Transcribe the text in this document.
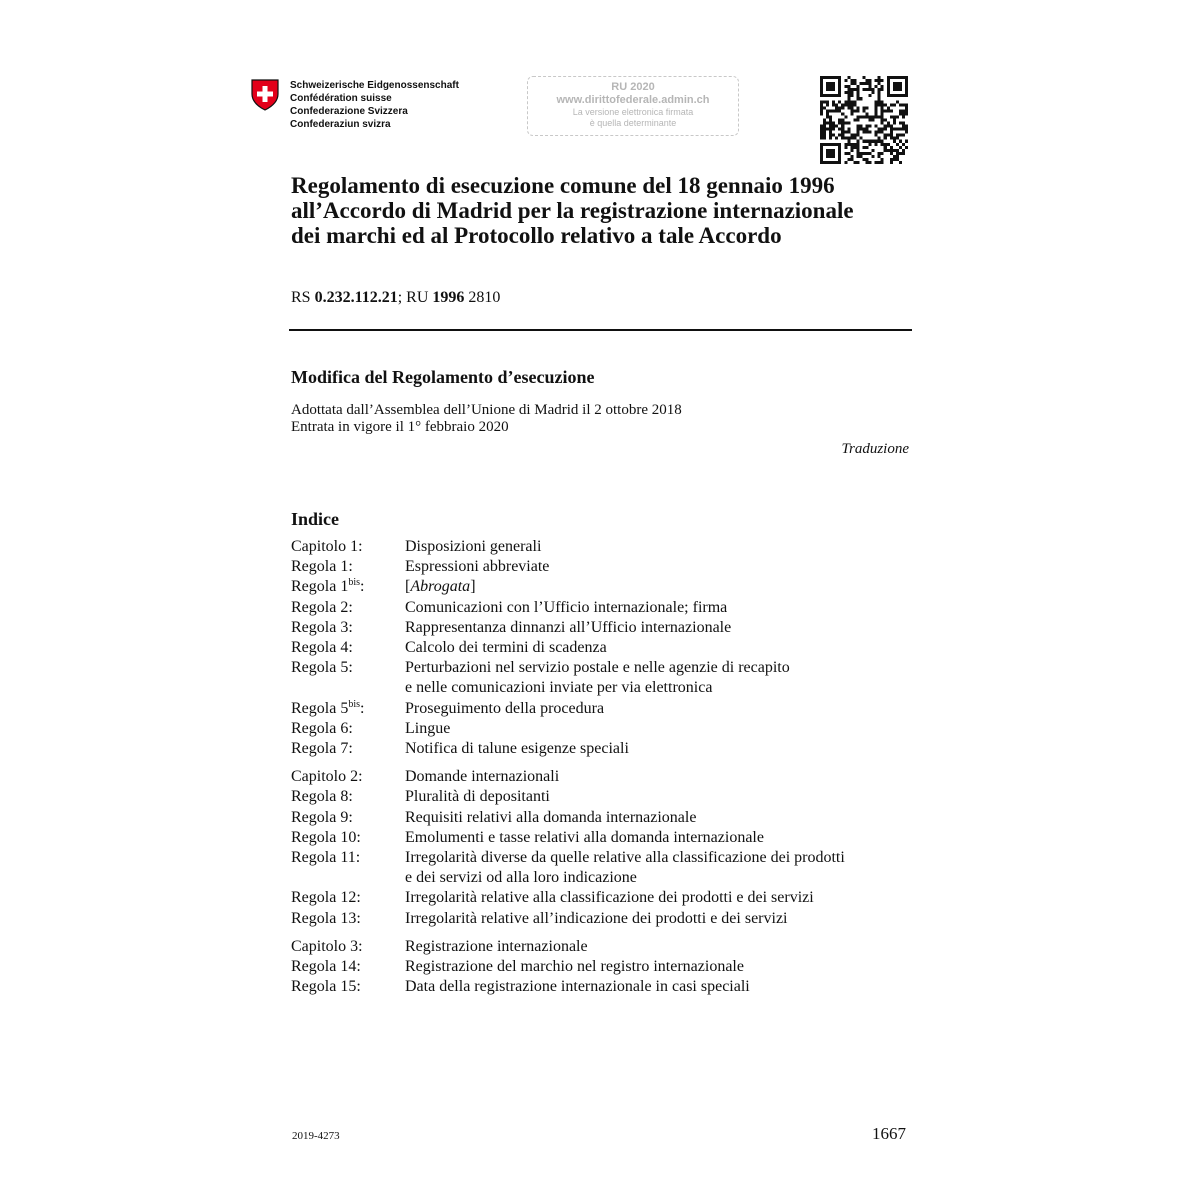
Schweizerische Eidgenossenschaft
Confédération suisse
Confederazione Svizzera
Confederaziun svizra
RU 2020
www.dirittofederale.admin.ch
La versione elettronica firmata
è quella determinante
Regolamento di esecuzione comune del 18 gennaio 1996
all’Accordo di Madrid per la registrazione internazionale
dei marchi ed al Protocollo relativo a tale Accordo
RS 0.232.112.21; RU 1996 2810
Modifica del Regolamento d’esecuzione
Adottata dall’Assemblea dell’Unione di Madrid il 2 ottobre 2018
Entrata in vigore il 1° febbraio 2020
Traduzione
Indice
Capitolo 1:	Disposizioni generali
Regola 1:	Espressioni abbreviate
Regola $1^{bis}$:	[Abrogata]
Regola 2:	Comunicazioni con l’Ufficio internazionale; firma
Regola 3:	Rappresentanza dinnanzi all’Ufficio internazionale
Regola 4:	Calcolo dei termini di scadenza
Regola 5:	Perturbazioni nel servizio postale e nelle agenzie di recapito
e nelle comunicazioni inviate per via elettronica
Regola $5^{bis}$:	Proseguimento della procedura
Regola 6:	Lingue
Regola 7:	Notifica di talune esigenze speciali
Capitolo 2:	Domande internazionali
Regola 8:	Pluralità di depositanti
Regola 9:	Requisiti relativi alla domanda internazionale
Regola 10:	Emolumenti e tasse relativi alla domanda internazionale
Regola 11:	Irregolarità diverse da quelle relative alla classificazione dei prodotti
e dei servizi od alla loro indicazione
Regola 12:	Irregolarità relative alla classificazione dei prodotti e dei servizi
Regola 13:	Irregolarità relative all’indicazione dei prodotti e dei servizi
Capitolo 3:	Registrazione internazionale
Regola 14:	Registrazione del marchio nel registro internazionale
Regola 15:	Data della registrazione internazionale in casi speciali
2019-4273	1667
